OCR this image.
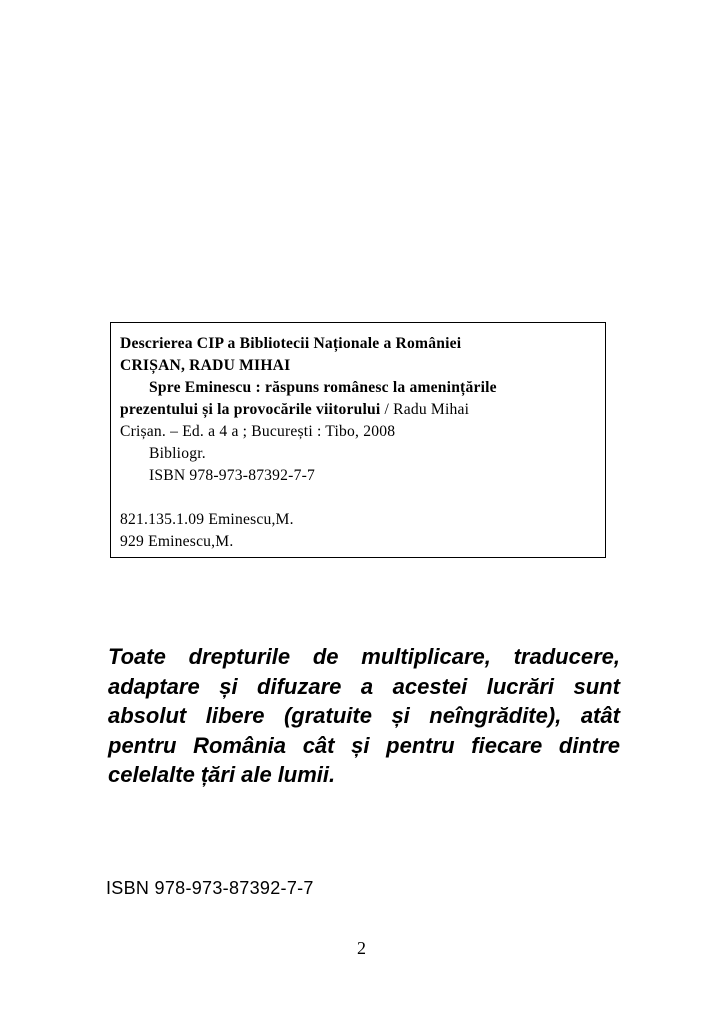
Descrierea CIP a Bibliotecii Naționale a României
CRIȘAN, RADU MIHAI
Spre Eminescu : răspuns românesc la amenințările
prezentului și la provocările viitorului / Radu Mihai
Crișan. – Ed. a 4 a ; București : Tibo, 2008
Bibliogr.
ISBN 978-973-87392-7-7
821.135.1.09 Eminescu,M.
929 Eminescu,M.
Toate drepturile de multiplicare, traducere,
adaptare și difuzare a acestei lucrări sunt
absolut libere (gratuite și neîngrădite), atât
pentru România cât și pentru fiecare dintre
celelalte țări ale lumii.
ISBN 978-973-87392-7-7
2
